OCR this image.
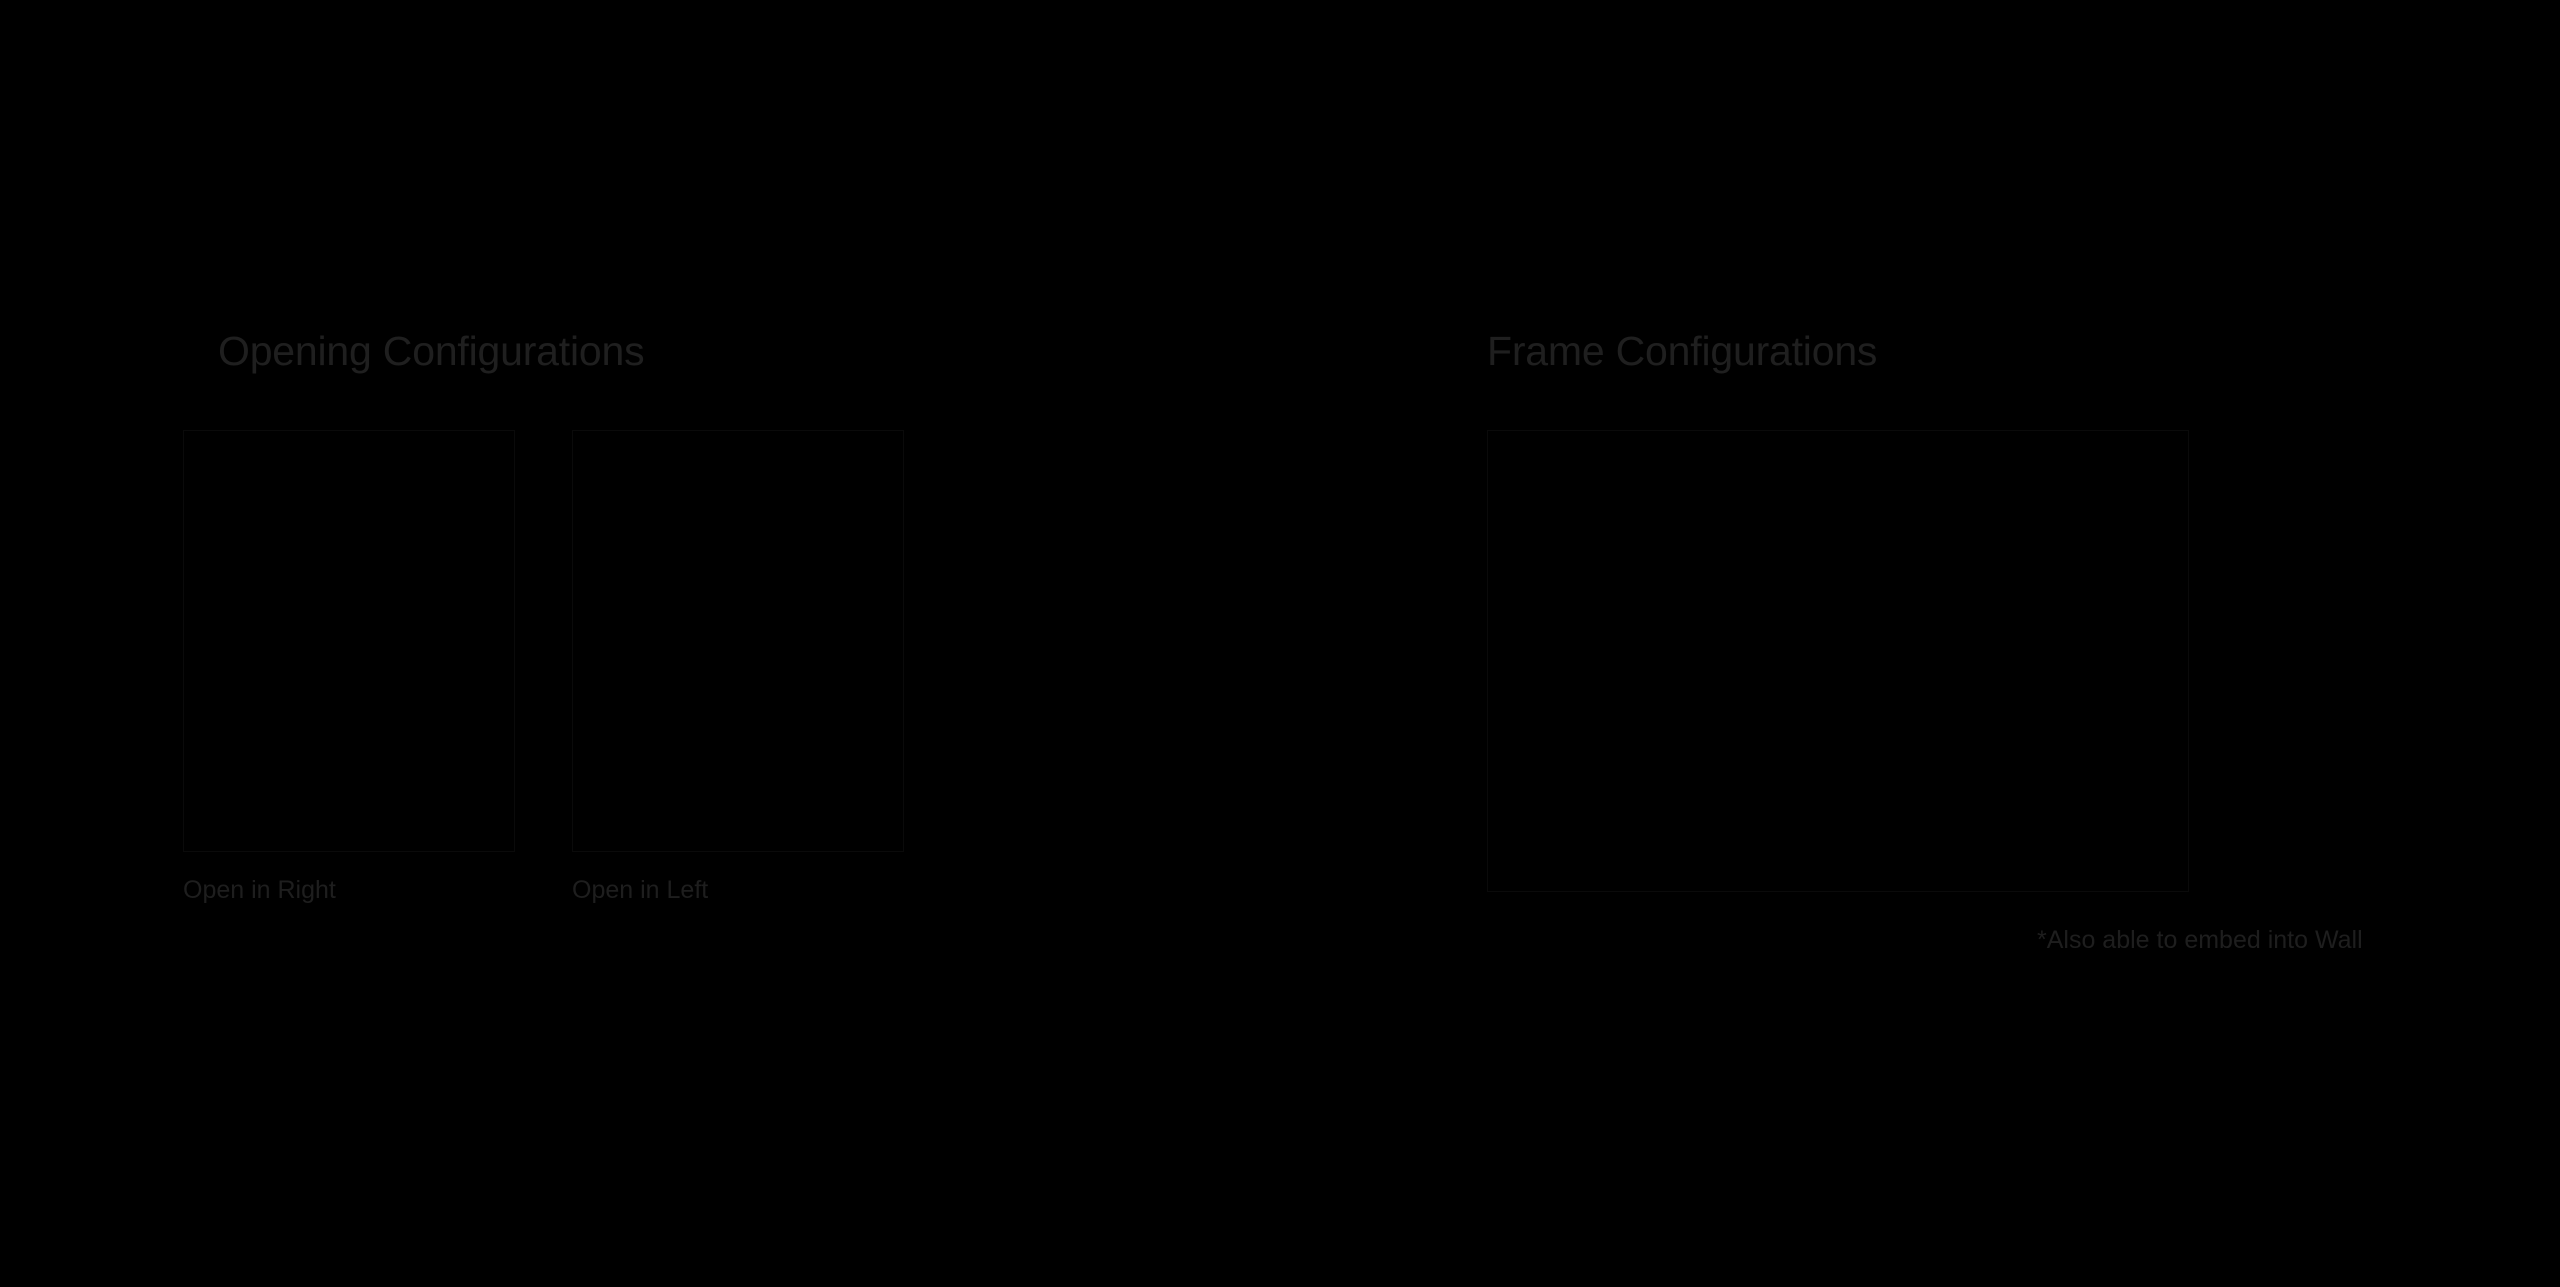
Opening Configurations	Frame Configurations
Open in Right	Open in Left
*Also able to embed into Wall
